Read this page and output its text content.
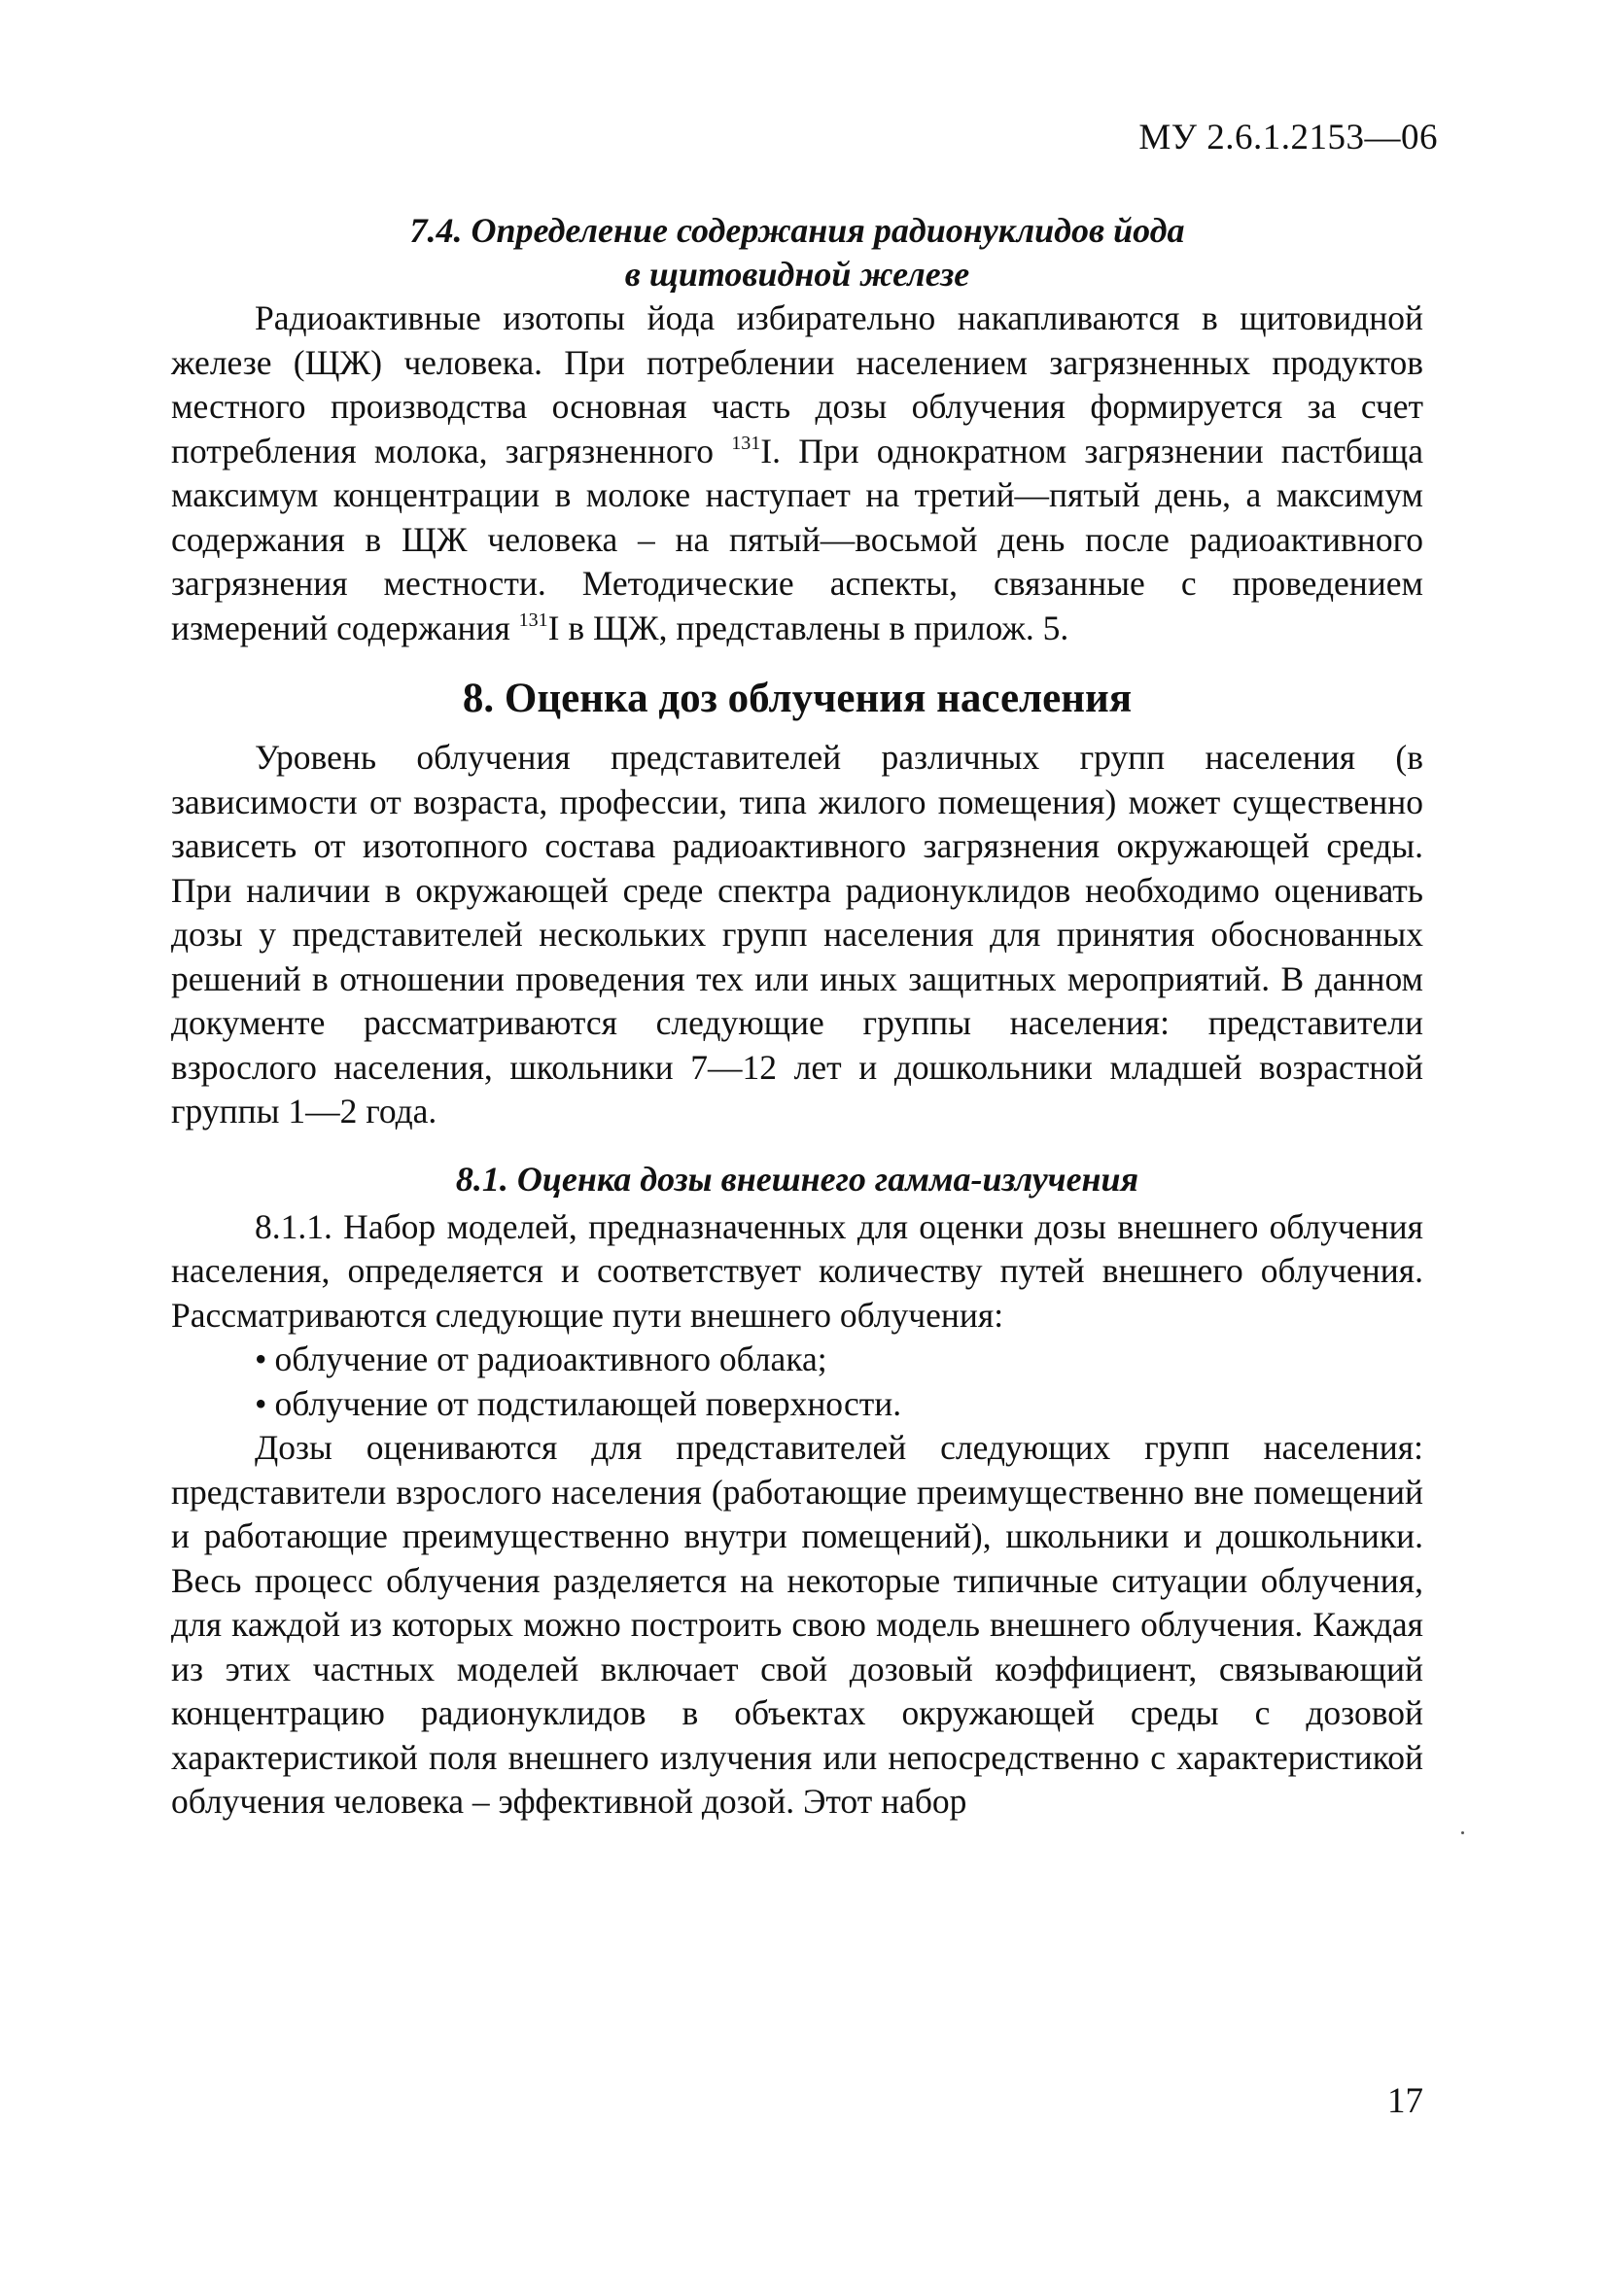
МУ 2.6.1.2153—06
7.4. Определение содержания радионуклидов йода
в щитовидной железе

Радиоактивные изотопы йода избирательно накапливаются в щитовидной железе (ЩЖ) человека. При потреблении населением загрязненных продуктов местного производства основная часть дозы облучения формируется за счет потребления молока, загрязненного $^{131}$I. При однократном загрязнении пастбища максимум концентрации в молоке наступает на третий—пятый день, а максимум содержания в ЩЖ человека – на пятый—восьмой день после радиоактивного загрязнения местности. Методические аспекты, связанные с проведением измерений содержания $^{131}$I в ЩЖ, представлены в прилож. 5.

8. Оценка доз облучения населения

Уровень облучения представителей различных групп населения (в зависимости от возраста, профессии, типа жилого помещения) может существенно зависеть от изотопного состава радиоактивного загрязнения окружающей среды. При наличии в окружающей среде спектра радионуклидов необходимо оценивать дозы у представителей нескольких групп населения для принятия обоснованных решений в отношении проведения тех или иных защитных мероприятий. В данном документе рассматриваются следующие группы населения: представители взрослого населения, школьники 7—12 лет и дошкольники младшей возрастной группы 1—2 года.

8.1. Оценка дозы внешнего гамма-излучения

8.1.1. Набор моделей, предназначенных для оценки дозы внешнего облучения населения, определяется и соответствует количеству путей внешнего облучения. Рассматриваются следующие пути внешнего облучения:

• облучение от радиоактивного облака;

• облучение от подстилающей поверхности.

Дозы оцениваются для представителей следующих групп населения: представители взрослого населения (работающие преимущественно вне помещений и работающие преимущественно внутри помещений), школьники и дошкольники. Весь процесс облучения разделяется на некоторые типичные ситуации облучения, для каждой из которых можно построить свою модель внешнего облучения. Каждая из этих частных моделей включает свой дозовый коэффициент, связывающий концентрацию радионуклидов в объектах окружающей среды с дозовой характеристикой поля внешнего излучения или непосредственно с характеристикой облучения человека – эффективной дозой. Этот набор

17
